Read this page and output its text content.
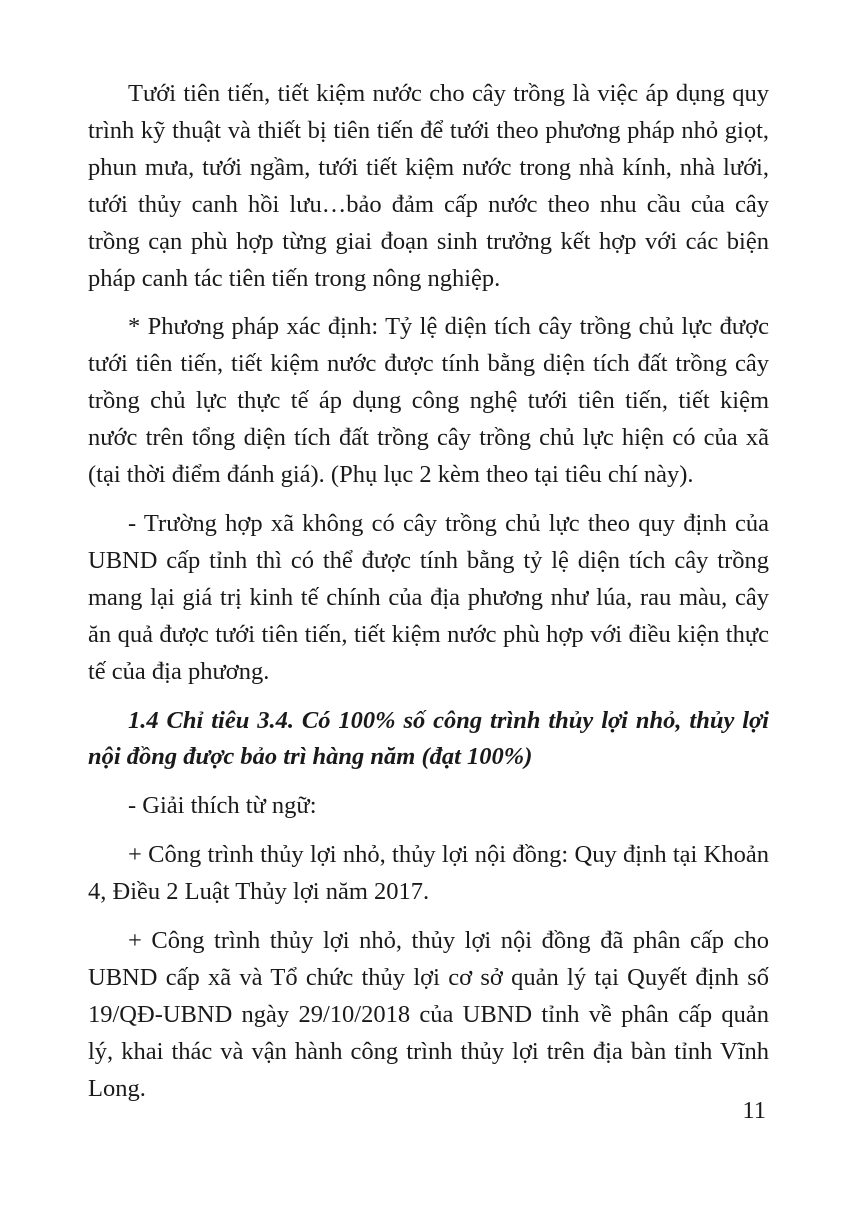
Tưới tiên tiến, tiết kiệm nước cho cây trồng là việc áp dụng quy trình kỹ thuật và thiết bị tiên tiến để tưới theo phương pháp nhỏ giọt, phun mưa, tưới ngầm, tưới tiết kiệm nước trong nhà kính, nhà lưới, tưới thủy canh hồi lưu…bảo đảm cấp nước theo nhu cầu của cây trồng cạn phù hợp từng giai đoạn sinh trưởng kết hợp với các biện pháp canh tác tiên tiến trong nông nghiệp.

* Phương pháp xác định: Tỷ lệ diện tích cây trồng chủ lực được tưới tiên tiến, tiết kiệm nước được tính bằng diện tích đất trồng cây trồng chủ lực thực tế áp dụng công nghệ tưới tiên tiến, tiết kiệm nước trên tổng diện tích đất trồng cây trồng chủ lực hiện có của xã (tại thời điểm đánh giá). (Phụ lục 2 kèm theo tại tiêu chí này).

- Trường hợp xã không có cây trồng chủ lực theo quy định của UBND cấp tỉnh thì có thể được tính bằng tỷ lệ diện tích cây trồng mang lại giá trị kinh tế chính của địa phương như lúa, rau màu, cây ăn quả được tưới tiên tiến, tiết kiệm nước phù hợp với điều kiện thực tế của địa phương.

1.4 Chỉ tiêu 3.4. Có 100% số công trình thủy lợi nhỏ, thủy lợi nội đồng được bảo trì hàng năm (đạt 100%)

- Giải thích từ ngữ:

+ Công trình thủy lợi nhỏ, thủy lợi nội đồng: Quy định tại Khoản 4, Điều 2 Luật Thủy lợi năm 2017.

+ Công trình thủy lợi nhỏ, thủy lợi nội đồng đã phân cấp cho UBND cấp xã và Tổ chức thủy lợi cơ sở quản lý tại Quyết định số 19/QĐ-UBND ngày 29/10/2018 của UBND tỉnh về phân cấp quản lý, khai thác và vận hành công trình thủy lợi trên địa bàn tỉnh Vĩnh Long.

11
